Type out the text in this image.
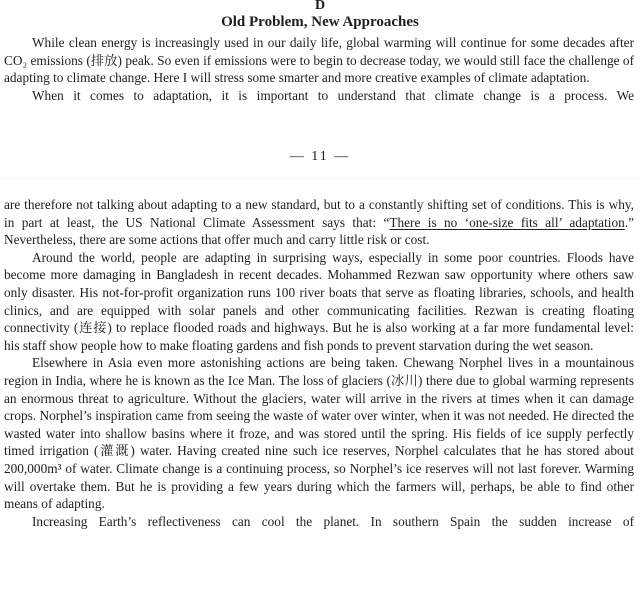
D
Old Problem, New Approaches

While clean energy is increasingly used in our daily life, global warming will continue for some decades after CO₂ emissions (排放) peak. So even if emissions were to begin to decrease today, we would still face the challenge of adapting to climate change. Here I will stress some smarter and more creative examples of climate adaptation.

When it comes to adaptation, it is important to understand that climate change is a process. We

— 11 —

are therefore not talking about adapting to a new standard, but to a constantly shifting set of conditions. This is why, in part at least, the US National Climate Assessment says that: “There is no ‘one-size fits all’ adaptation.” Nevertheless, there are some actions that offer much and carry little risk or cost.

Around the world, people are adapting in surprising ways, especially in some poor countries. Floods have become more damaging in Bangladesh in recent decades. Mohammed Rezwan saw opportunity where others saw only disaster. His not-for-profit organization runs 100 river boats that serve as floating libraries, schools, and health clinics, and are equipped with solar panels and other communicating facilities. Rezwan is creating floating connectivity (连接) to replace flooded roads and highways. But he is also working at a far more fundamental level: his staff show people how to make floating gardens and fish ponds to prevent starvation during the wet season.

Elsewhere in Asia even more astonishing actions are being taken. Chewang Norphel lives in a mountainous region in India, where he is known as the Ice Man. The loss of glaciers (冰川) there due to global warming represents an enormous threat to agriculture. Without the glaciers, water will arrive in the rivers at times when it can damage crops. Norphel’s inspiration came from seeing the waste of water over winter, when it was not needed. He directed the wasted water into shallow basins where it froze, and was stored until the spring. His fields of ice supply perfectly timed irrigation (灌溉) water. Having created nine such ice reserves, Norphel calculates that he has stored about 200,000m³ of water. Climate change is a continuing process, so Norphel’s ice reserves will not last forever. Warming will overtake them. But he is providing a few years during which the farmers will, perhaps, be able to find other means of adapting.

Increasing Earth’s reflectiveness can cool the planet. In southern Spain the sudden increase of
